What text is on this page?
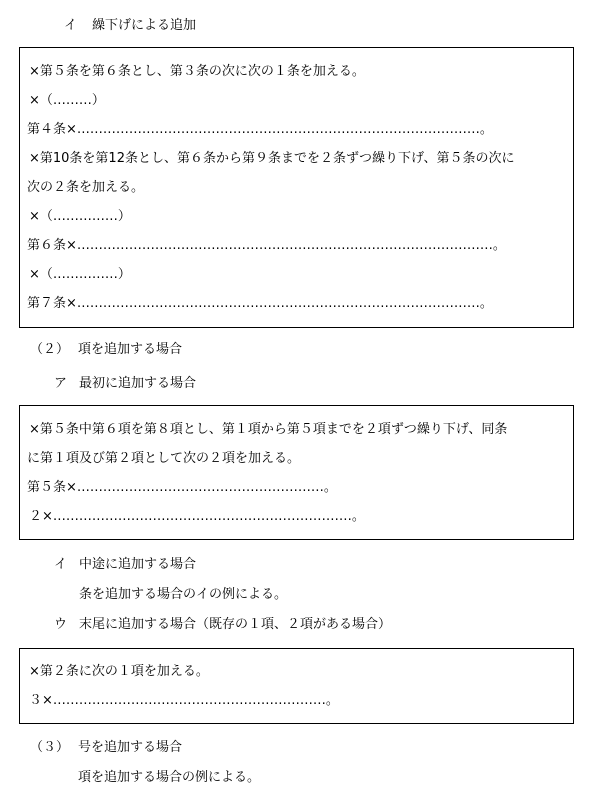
イ 繰下げによる追加
×第５条を第６条とし、第３条の次に次の１条を加える。
×（………）
第４条×…………………………………………………………………………………。
×第10条を第12条とし、第６条から第９条までを２条ずつ繰り下げ、第５条の次に
次の２条を加える。
×（……………）
第６条×……………………………………………………………………………………。
×（……………）
第７条×…………………………………………………………………………………。
（２） 項を追加する場合
ア 最初に追加する場合
×第５条中第６項を第８項とし、第１項から第５項までを２項ずつ繰り下げ、同条
に第１項及び第２項として次の２項を加える。
第５条×…………………………………………………。
２×……………………………………………………………。
イ 中途に追加する場合
条を追加する場合のイの例による。
ウ 末尾に追加する場合（既存の１項、２項がある場合）
×第２条に次の１項を加える。
３×………………………………………………………。
（３） 号を追加する場合
項を追加する場合の例による。
